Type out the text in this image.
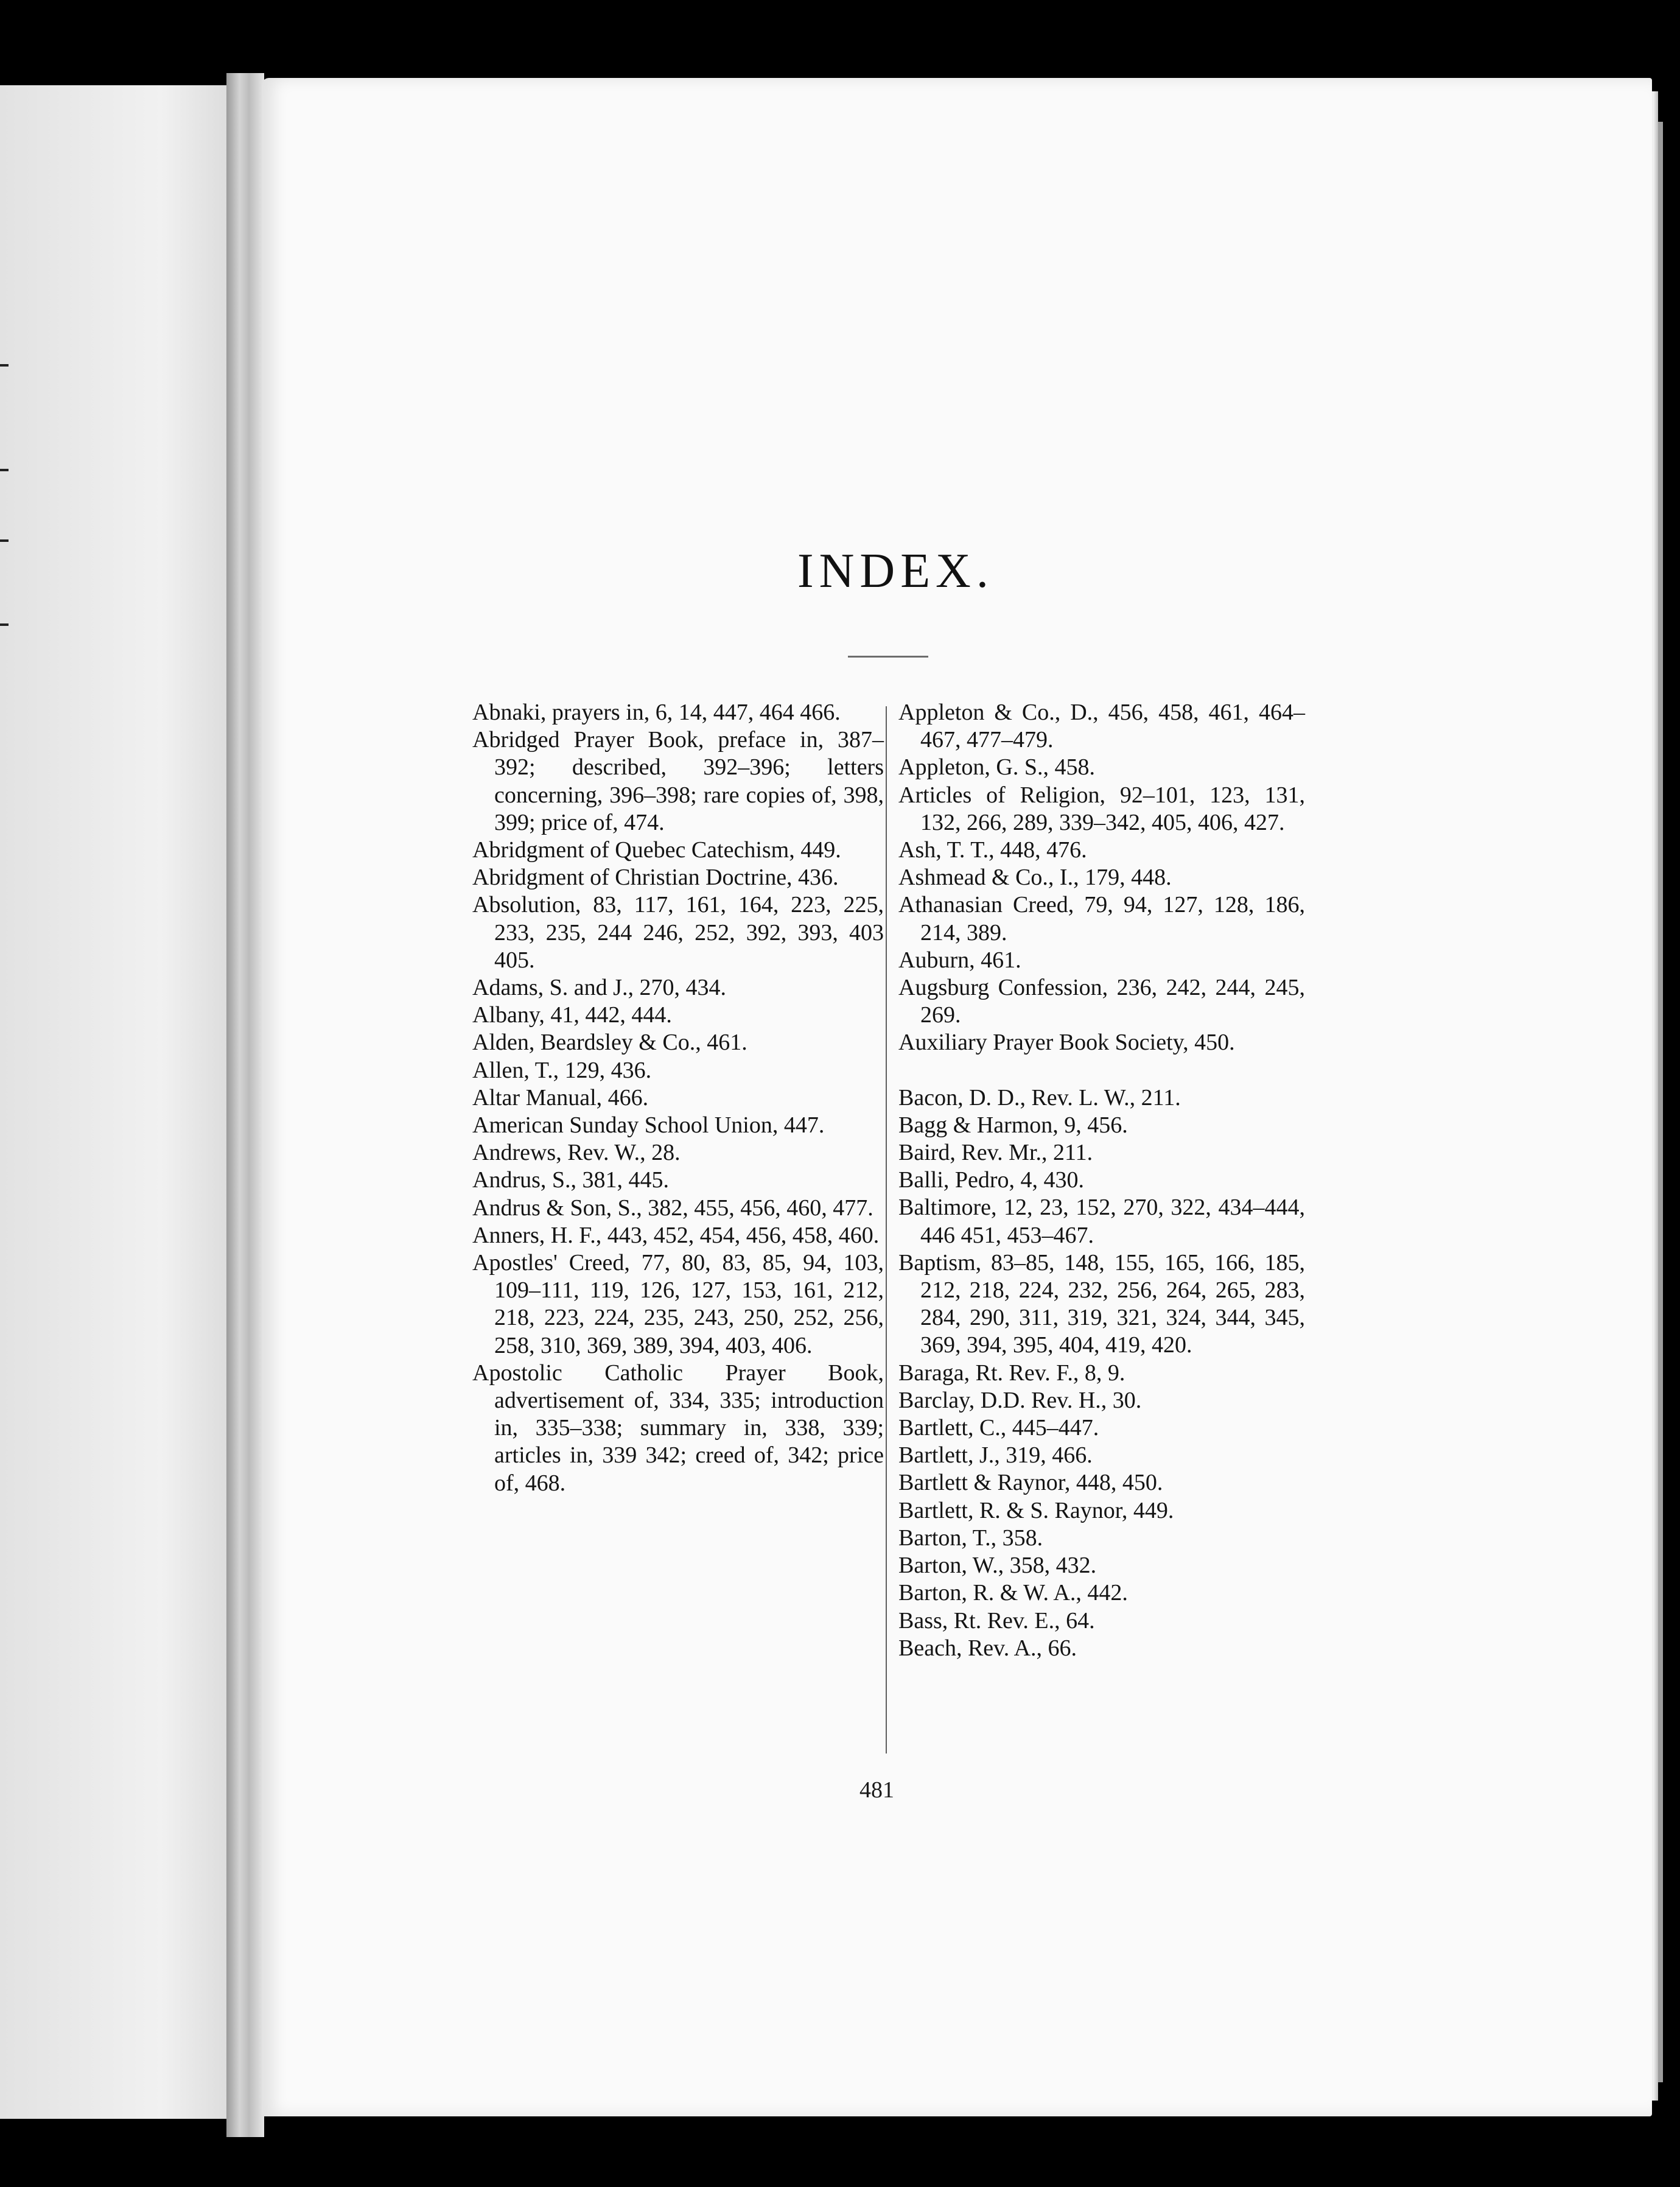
INDEX.
Abnaki, prayers in, 6, 14, 447, 464 466.
Abridged Prayer Book, preface in, 387–392; described, 392–396; letters concerning, 396–398; rare copies of, 398, 399; price of, 474.
Abridgment of Quebec Catechism, 449.
Abridgment of Christian Doctrine, 436.
Absolution, 83, 117, 161, 164, 223, 225, 233, 235, 244 246, 252, 392, 393, 403 405.
Adams, S. and J., 270, 434.
Albany, 41, 442, 444.
Alden, Beardsley & Co., 461.
Allen, T., 129, 436.
Altar Manual, 466.
American Sunday School Union, 447.
Andrews, Rev. W., 28.
Andrus, S., 381, 445.
Andrus & Son, S., 382, 455, 456, 460, 477.
Anners, H. F., 443, 452, 454, 456, 458, 460.
Apostles' Creed, 77, 80, 83, 85, 94, 103, 109–111, 119, 126, 127, 153, 161, 212, 218, 223, 224, 235, 243, 250, 252, 256, 258, 310, 369, 389, 394, 403, 406.
Apostolic Catholic Prayer Book, advertisement of, 334, 335; introduction in, 335–338; summary in, 338, 339; articles in, 339 342; creed of, 342; price of, 468.
Appleton & Co., D., 456, 458, 461, 464–467, 477–479.
Appleton, G. S., 458.
Articles of Religion, 92–101, 123, 131, 132, 266, 289, 339–342, 405, 406, 427.
Ash, T. T., 448, 476.
Ashmead & Co., I., 179, 448.
Athanasian Creed, 79, 94, 127, 128, 186, 214, 389.
Auburn, 461.
Augsburg Confession, 236, 242, 244, 245, 269.
Auxiliary Prayer Book Society, 450.
Bacon, D. D., Rev. L. W., 211.
Bagg & Harmon, 9, 456.
Baird, Rev. Mr., 211.
Balli, Pedro, 4, 430.
Baltimore, 12, 23, 152, 270, 322, 434–444, 446 451, 453–467.
Baptism, 83–85, 148, 155, 165, 166, 185, 212, 218, 224, 232, 256, 264, 265, 283, 284, 290, 311, 319, 321, 324, 344, 345, 369, 394, 395, 404, 419, 420.
Baraga, Rt. Rev. F., 8, 9.
Barclay, D.D. Rev. H., 30.
Bartlett, C., 445–447.
Bartlett, J., 319, 466.
Bartlett & Raynor, 448, 450.
Bartlett, R. & S. Raynor, 449.
Barton, T., 358.
Barton, W., 358, 432.
Barton, R. & W. A., 442.
Bass, Rt. Rev. E., 64.
Beach, Rev. A., 66.
481
